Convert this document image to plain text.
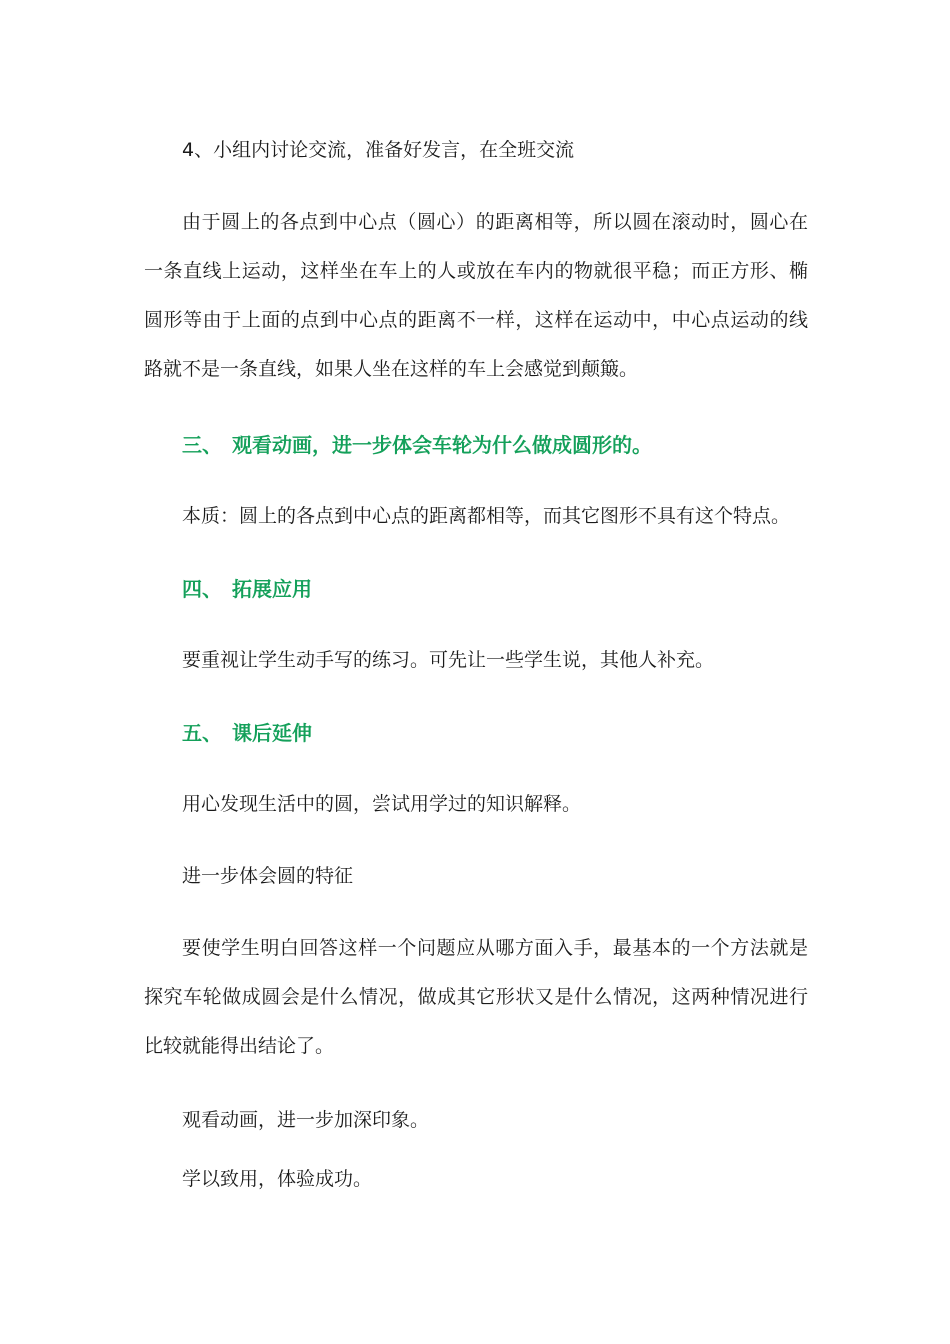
4、小组内讨论交流，准备好发言，在全班交流

由于圆上的各点到中心点（圆心）的距离相等，所以圆在滚动时，圆心在一条直线上运动，这样坐在车上的人或放在车内的物就很平稳；而正方形、椭圆形等由于上面的点到中心点的距离不一样，这样在运动中，中心点运动的线路就不是一条直线，如果人坐在这样的车上会感觉到颠簸。

三、 观看动画，进一步体会车轮为什么做成圆形的。

本质：圆上的各点到中心点的距离都相等，而其它图形不具有这个特点。

四、 拓展应用

要重视让学生动手写的练习。可先让一些学生说，其他人补充。

五、 课后延伸

用心发现生活中的圆，尝试用学过的知识解释。

进一步体会圆的特征

要使学生明白回答这样一个问题应从哪方面入手，最基本的一个方法就是探究车轮做成圆会是什么情况，做成其它形状又是什么情况，这两种情况进行比较就能得出结论了。

观看动画，进一步加深印象。

学以致用，体验成功。
